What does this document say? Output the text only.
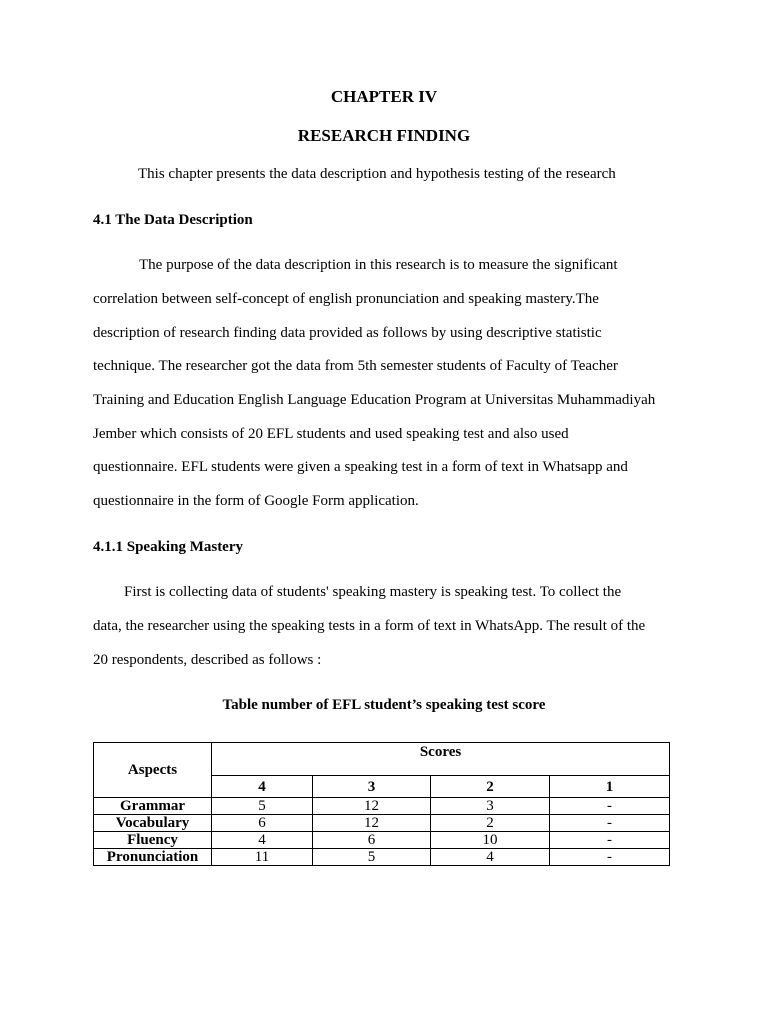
CHAPTER IV
RESEARCH FINDING
This chapter presents the data description and hypothesis testing of the research
4.1 The Data Description
The purpose of the data description in this research is to measure the significant
correlation between self-concept of english pronunciation and speaking mastery.The
description of research finding data provided as follows by using descriptive statistic
technique. The researcher got the data from 5th semester students of Faculty of Teacher
Training and Education English Language Education Program at Universitas Muhammadiyah
Jember which consists of 20 EFL students and used speaking test and also used
questionnaire. EFL students were given a speaking test in a form of text in Whatsapp and
questionnaire in the form of Google Form application.
4.1.1 Speaking Mastery
First is collecting data of students' speaking mastery is speaking test. To collect the
data, the researcher using the speaking tests in a form of text in WhatsApp. The result of the
20 respondents, described as follows :
Table number of EFL student’s speaking test score
Aspects	Scores			
	4	3	2	1
Grammar	5	12	3	-
Vocabulary	6	12	2	-
Fluency	4	6	10	-
Pronunciation	11	5	4	-
